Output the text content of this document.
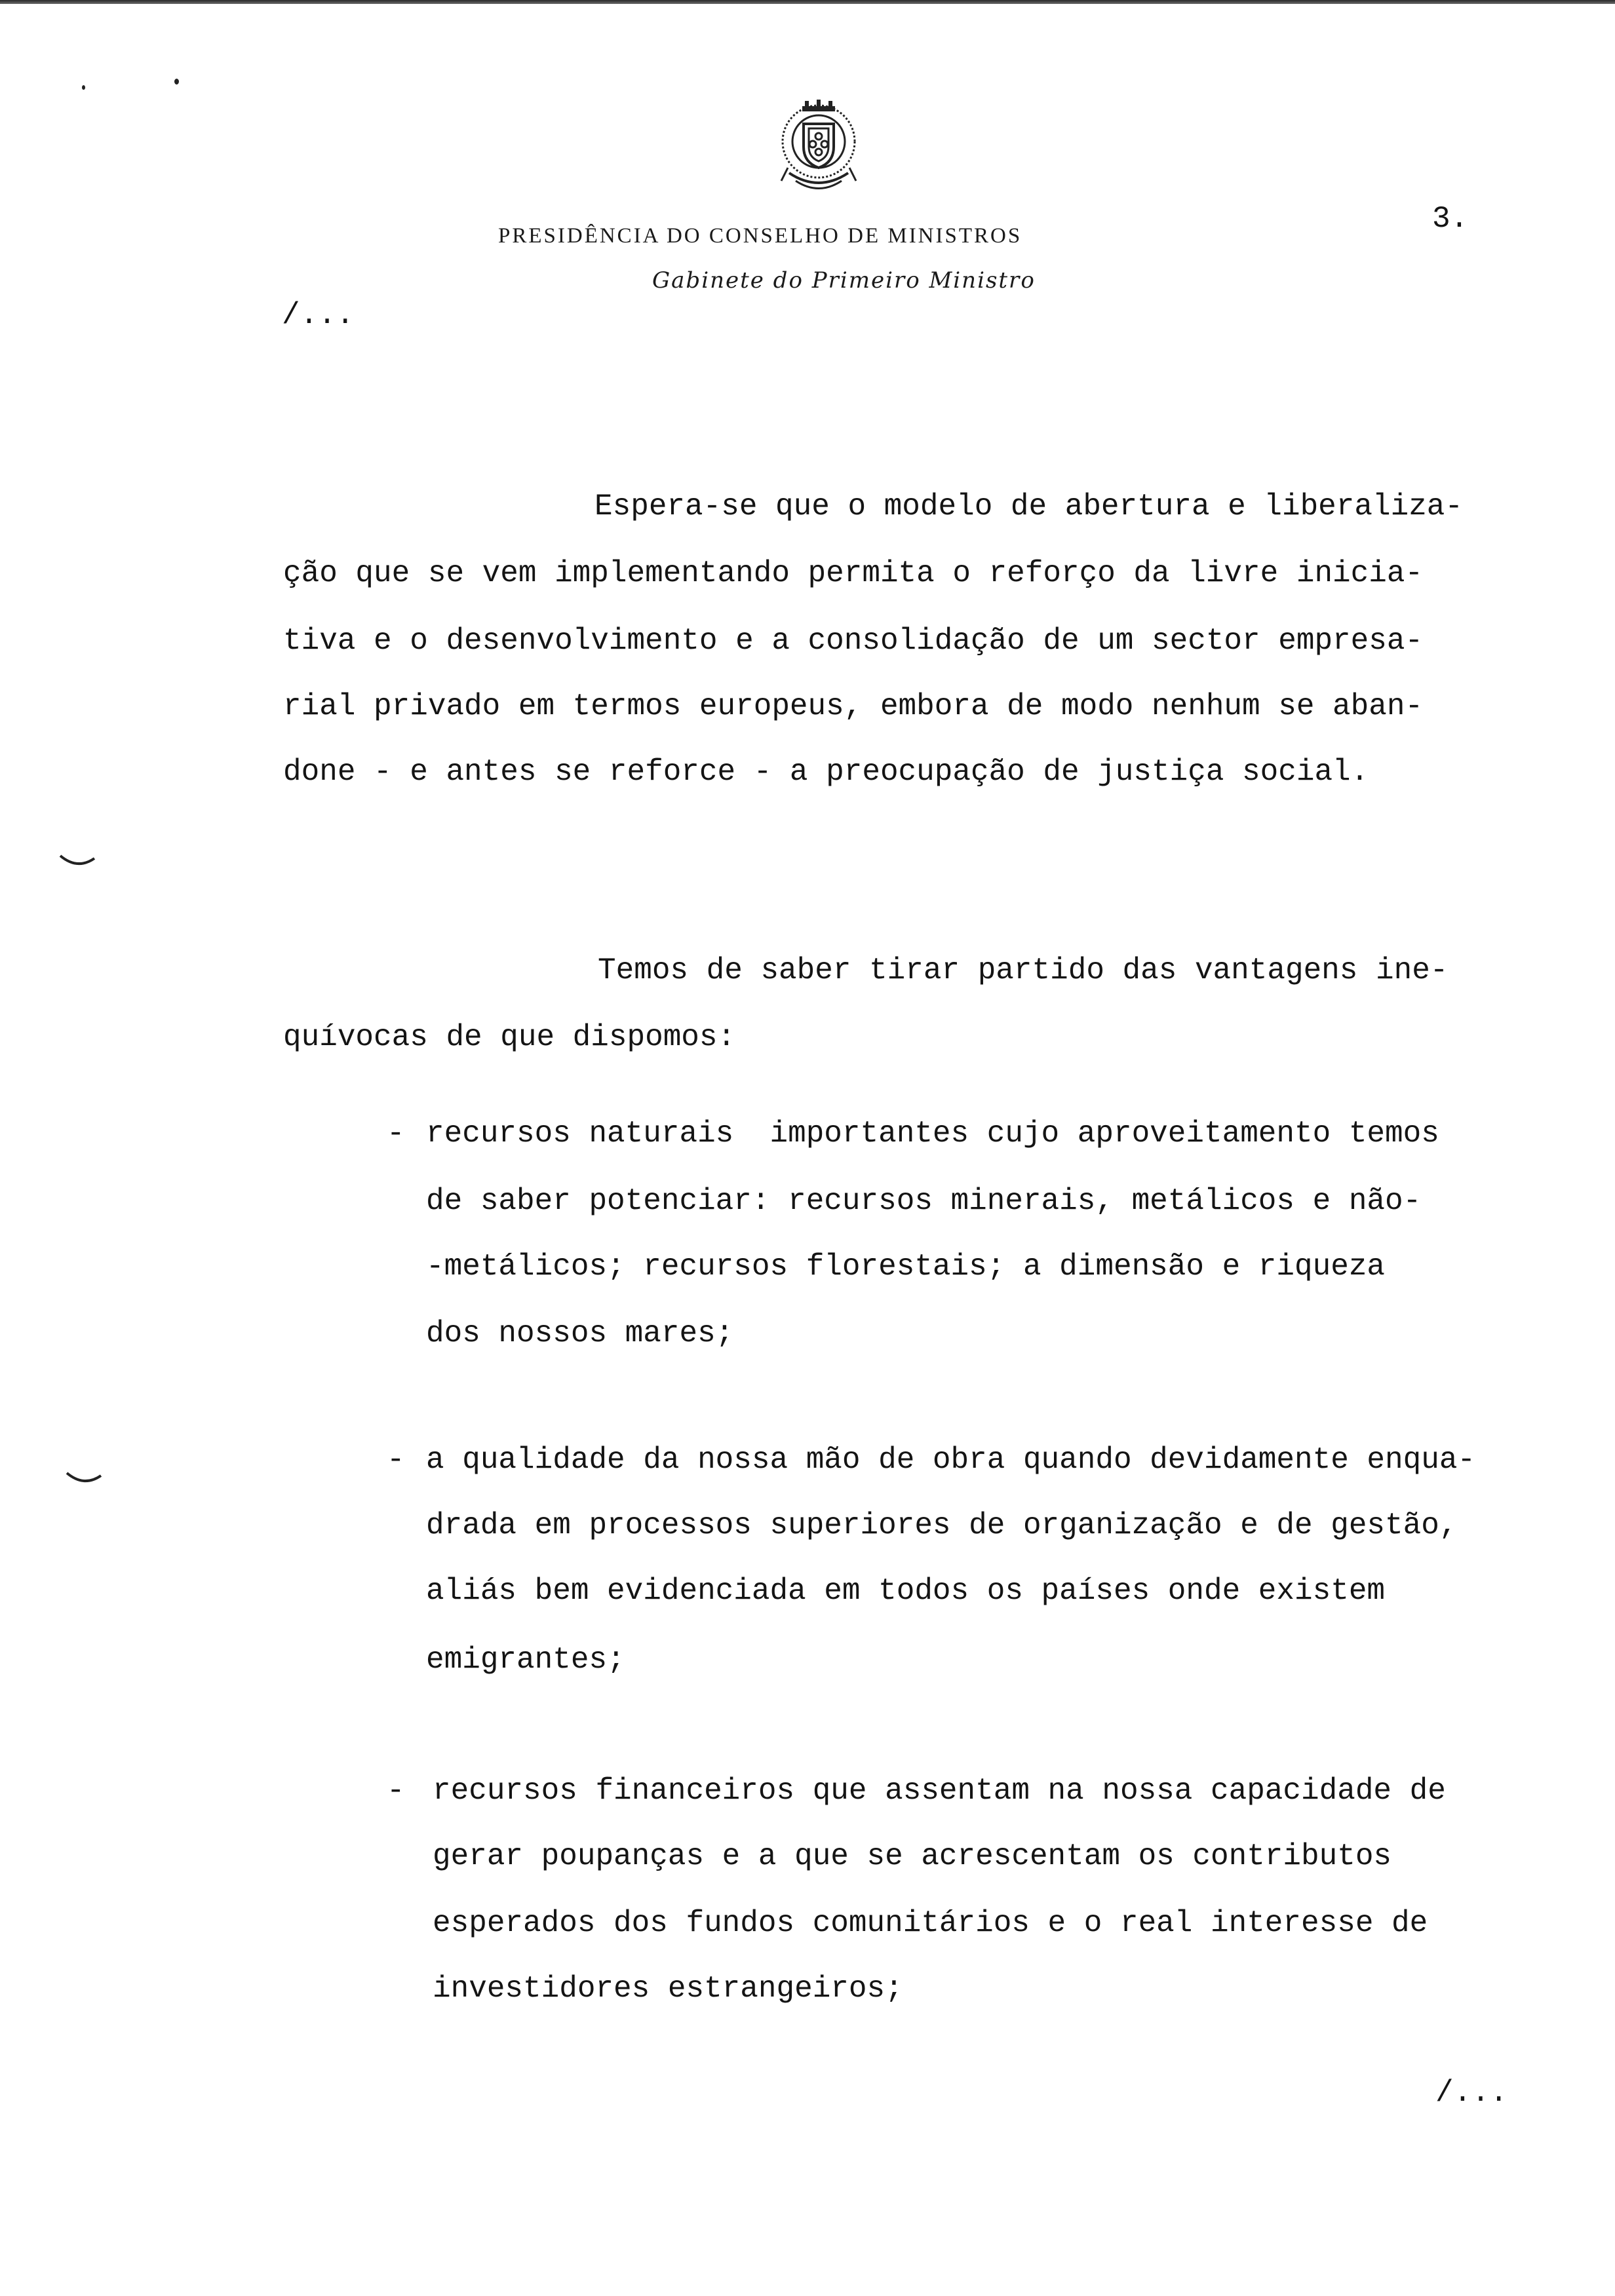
PRESIDÊNCIA DO CONSELHO DE MINISTROS
Gabinete do Primeiro Ministro
3.
/...
Espera-se que o modelo de abertura e liberaliza-
ção que se vem implementando permita o reforço da livre inicia-
tiva e o desenvolvimento e a consolidação de um sector empresa-
rial privado em termos europeus, embora de modo nenhum se aban-
done - e antes se reforce - a preocupação de justiça social.
Temos de saber tirar partido das vantagens ine-
quívocas de que dispomos:
- recursos naturais  importantes cujo aproveitamento temos
de saber potenciar: recursos minerais, metálicos e não-
-metálicos; recursos florestais; a dimensão e riqueza
dos nossos mares;
- a qualidade da nossa mão de obra quando devidamente enqua-
drada em processos superiores de organização e de gestão,
aliás bem evidenciada em todos os países onde existem
emigrantes;
- recursos financeiros que assentam na nossa capacidade de
gerar poupanças e a que se acrescentam os contributos
esperados dos fundos comunitários e o real interesse de
investidores estrangeiros;
/...
